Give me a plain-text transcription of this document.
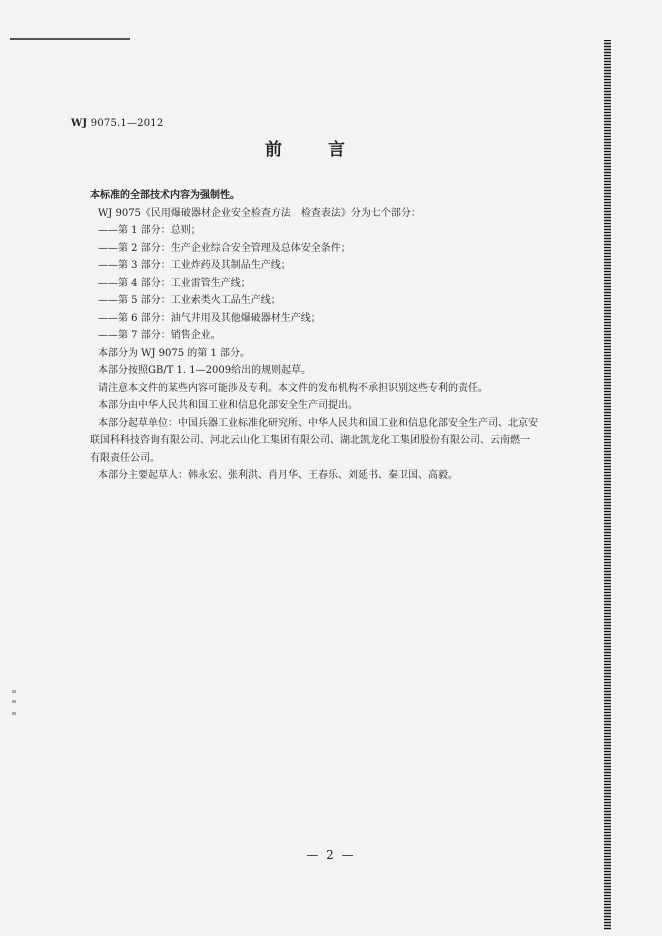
WJ 9075.1—2012
前 言
本标准的全部技术内容为强制性。
WJ 9075《民用爆破器材企业安全检查方法　检查表法》分为七个部分：
——第 1 部分：总则；
——第 2 部分：生产企业综合安全管理及总体安全条件；
——第 3 部分：工业炸药及其制品生产线；
——第 4 部分：工业雷管生产线；
——第 5 部分：工业索类火工品生产线；
——第 6 部分：油气井用及其他爆破器材生产线；
——第 7 部分：销售企业。
本部分为 WJ 9075 的第 1 部分。
本部分按照GB/T 1. 1—2009给出的规则起草。
请注意本文件的某些内容可能涉及专利。本文件的发布机构不承担识别这些专利的责任。
本部分由中华人民共和国工业和信息化部安全生产司提出。
本部分起草单位：中国兵器工业标准化研究所、中华人民共和国工业和信息化部安全生产司、北京安联国科科技咨询有限公司、河北云山化工集团有限公司、湖北凯龙化工集团股份有限公司、云南燃一有限责任公司。
本部分主要起草人：韩永宏、张利洪、肖月华、王春乐、刘延书、秦卫国、高毅。
— 2 —
